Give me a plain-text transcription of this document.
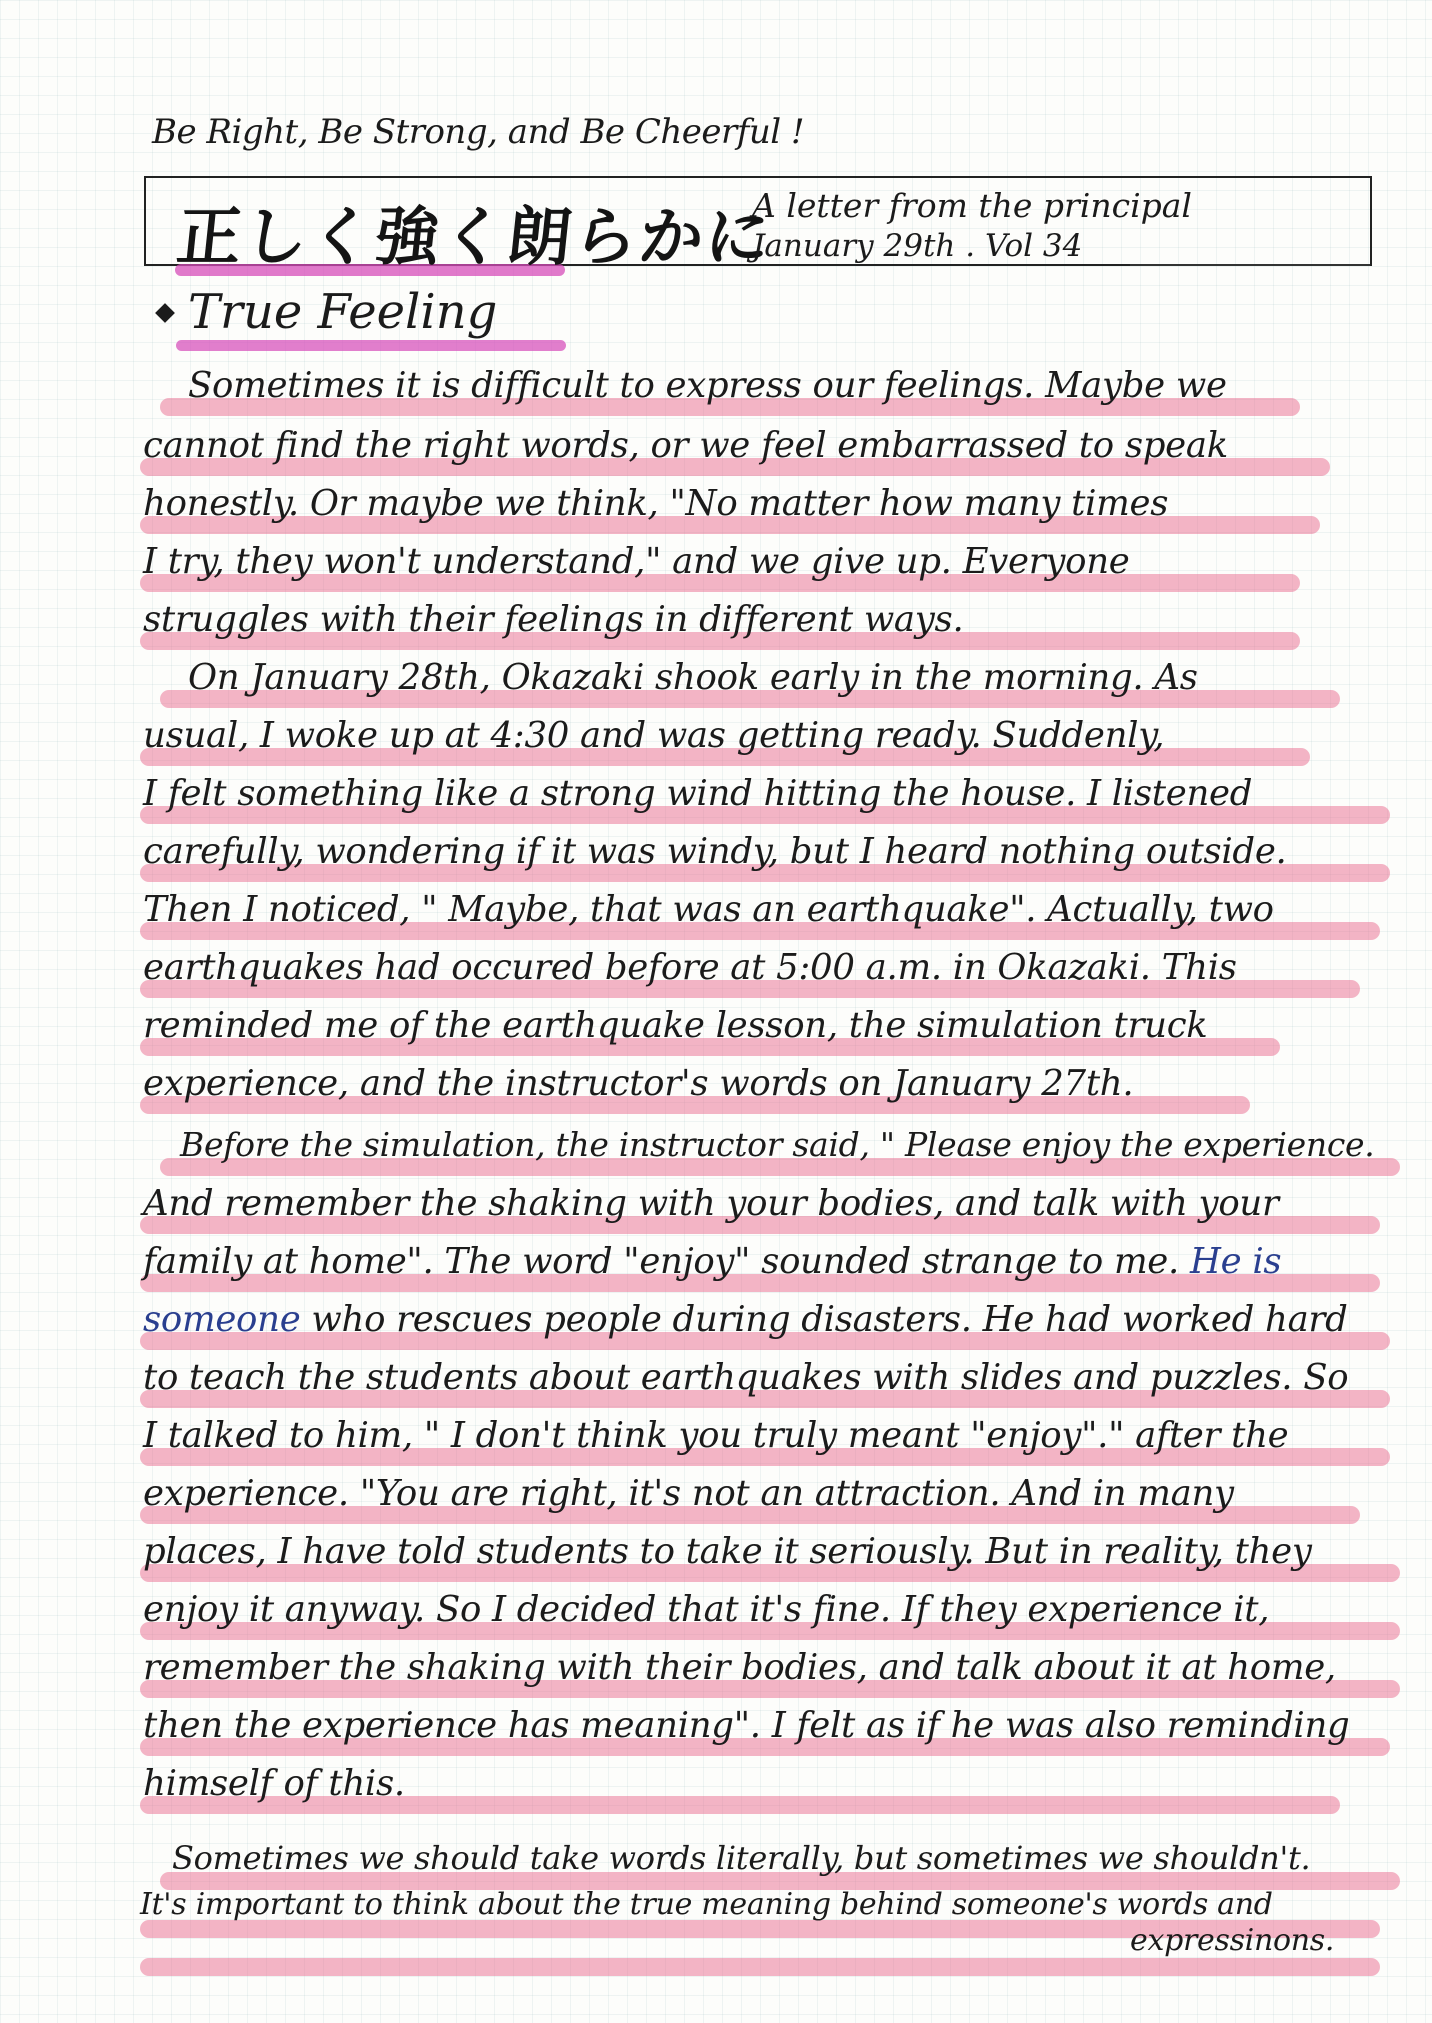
Be Right, Be Strong, and Be Cheerful !
正しく強く朗らかに
A letter from the principal
January 29th . Vol 34
True Feeling
Sometimes it is difficult to express our feelings. Maybe we
cannot find the right words, or we feel embarrassed to speak
honestly. Or maybe we think, "No matter how many times
I try, they won't understand," and we give up. Everyone
struggles with their feelings in different ways.
On January 28th, Okazaki shook early in the morning. As
usual, I woke up at 4:30 and was getting ready. Suddenly,
I felt something like a strong wind hitting the house. I listened
carefully, wondering if it was windy, but I heard nothing outside.
Then I noticed, " Maybe, that was an earthquake". Actually, two
earthquakes had occured before at 5:00 a.m. in Okazaki. This
reminded me of the earthquake lesson, the simulation truck
experience, and the instructor's words on January 27th.
Before the simulation, the instructor said, " Please enjoy the experience.
And remember the shaking with your bodies, and talk with your
family at home". The word "enjoy" sounded strange to me. He is
someone who rescues people during disasters. He had worked hard
to teach the students about earthquakes with slides and puzzles. So
I talked to him, " I don't think you truly meant "enjoy"." after the
experience. "You are right, it's not an attraction. And in many
places, I have told students to take it seriously. But in reality, they
enjoy it anyway. So I decided that it's fine. If they experience it,
remember the shaking with their bodies, and talk about it at home,
then the experience has meaning". I felt as if he was also reminding
himself of this.
Sometimes we should take words literally, but sometimes we shouldn't.
It's important to think about the true meaning behind someone's words and
expressinons.
